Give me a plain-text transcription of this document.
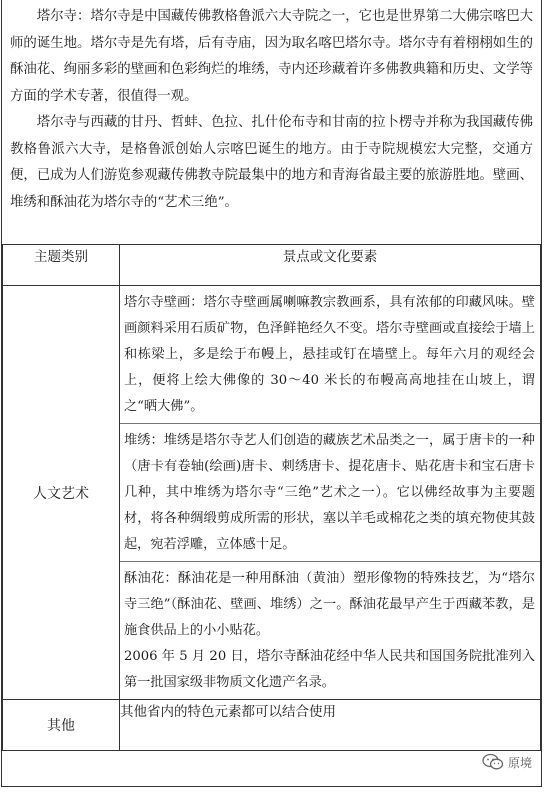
塔尔寺：塔尔寺是中国藏传佛教格鲁派六大寺院之一，它也是世界第二大佛宗喀巴大师的诞生地。塔尔寺是先有塔，后有寺庙，因为取名喀巴塔尔寺。塔尔寺有着栩栩如生的酥油花、绚丽多彩的壁画和色彩绚烂的堆绣，寺内还珍藏着许多佛教典籍和历史、文学等方面的学术专著，很值得一观。

塔尔寺与西藏的甘丹、哲蚌、色拉、扎什伦布寺和甘南的拉卜楞寺并称为我国藏传佛教格鲁派六大寺，是格鲁派创始人宗喀巴诞生的地方。由于寺院规模宏大完整，交通方便，已成为人们游览参观藏传佛教寺院最集中的地方和青海省最主要的旅游胜地。壁画、堆绣和酥油花为塔尔寺的“艺术三绝”。

主题类别	景点或文化要素
人文艺术	塔尔寺壁画：塔尔寺壁画属喇嘛教宗教画系，具有浓郁的印藏风味。壁画颜料采用石质矿物，色泽鲜艳经久不变。塔尔寺壁画或直接绘于墙上和栋梁上，多是绘于布幔上，悬挂或钉在墙壁上。每年六月的观经会上，便将上绘大佛像的 30～40 米长的布幔高高地挂在山坡上，谓之“晒大佛”。

堆绣：堆绣是塔尔寺艺人们创造的藏族艺术品类之一，属于唐卡的一种（唐卡有卷轴(绘画)唐卡、刺绣唐卡、提花唐卡、贴花唐卡和宝石唐卡几种，其中堆绣为塔尔寺“三绝”艺术之一）。它以佛经故事为主要题材，将各种绸缎剪成所需的形状，塞以羊毛或棉花之类的填充物使其鼓起，宛若浮雕，立体感十足。

酥油花：酥油花是一种用酥油（黄油）塑形像物的特殊技艺，为“塔尔寺三绝”（酥油花、壁画、堆绣）之一。酥油花最早产生于西藏苯教，是施食供品上的小小贴花。

2006 年 5 月 20 日，塔尔寺酥油花经中华人民共和国国务院批准列入第一批国家级非物质文化遗产名录。

其他	其他省内的特色元素都可以结合使用
原境
